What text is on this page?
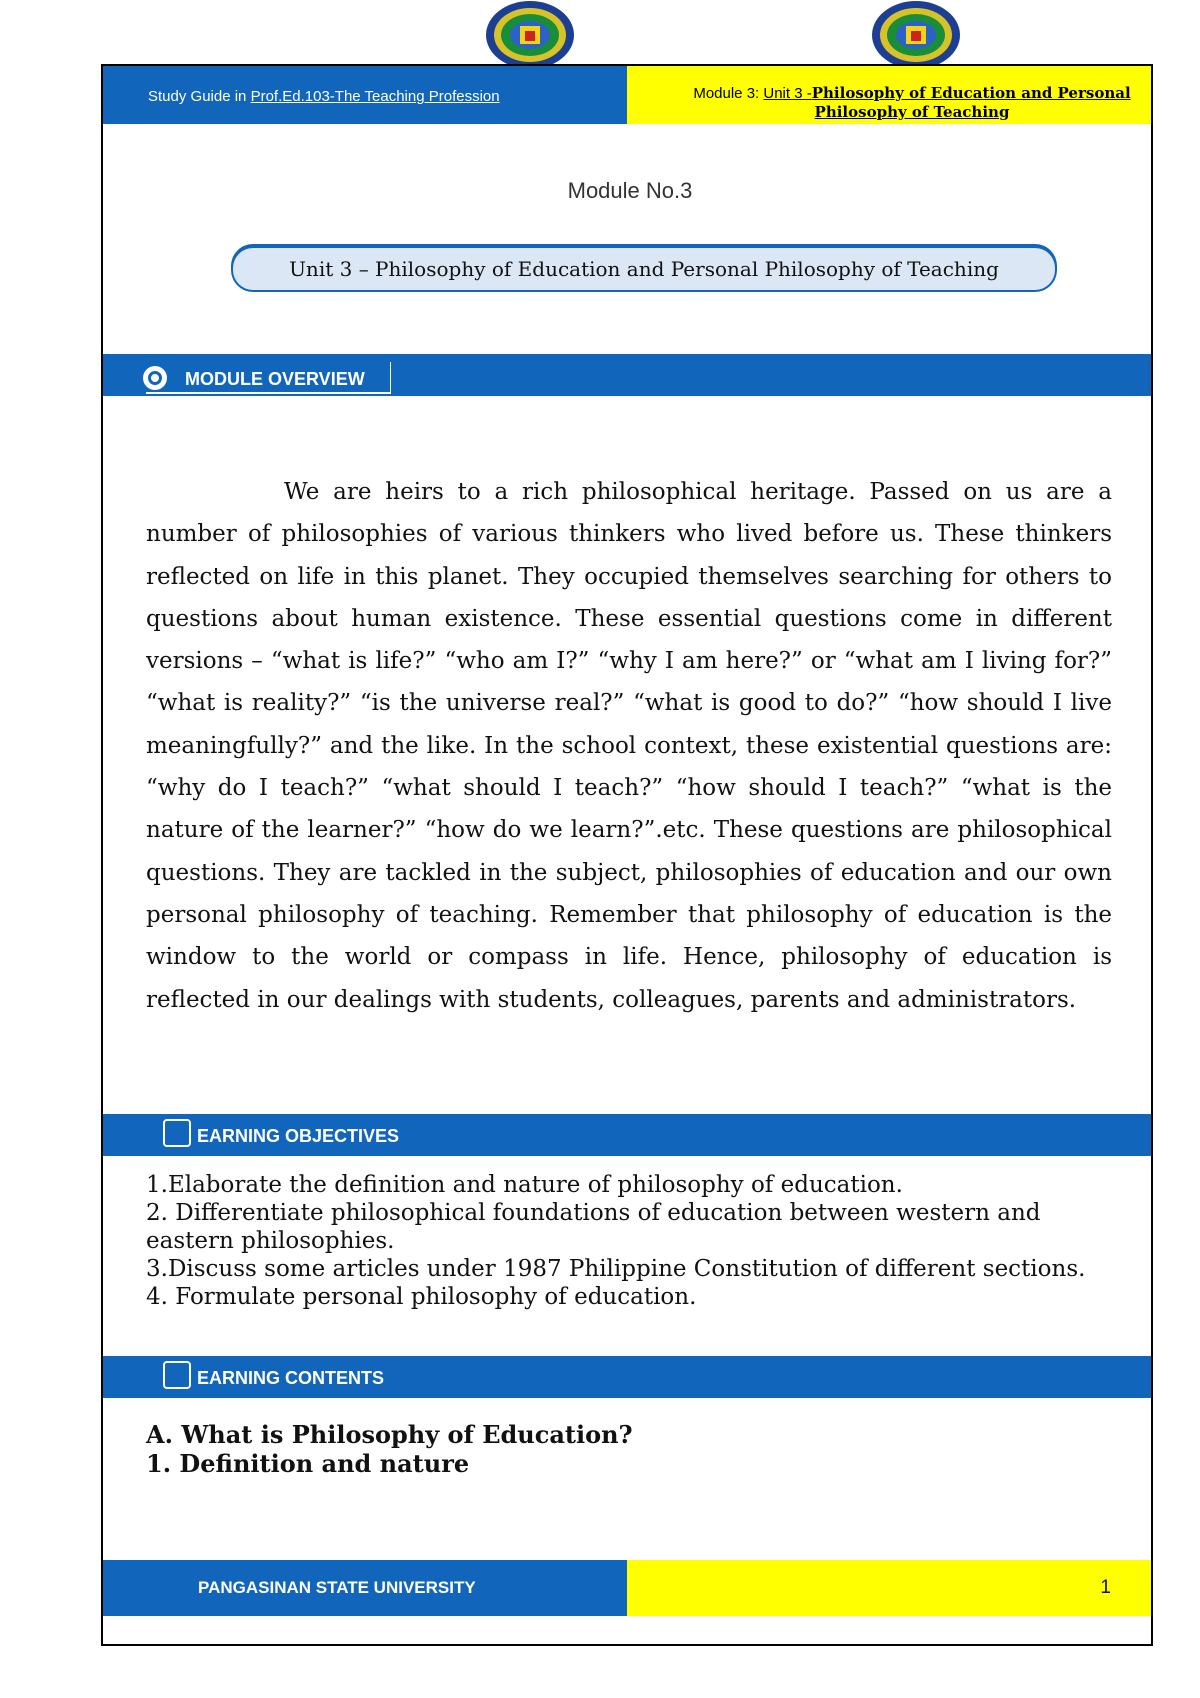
Study Guide in Prof.Ed.103-The Teaching Profession	Module 3: Unit 3 -Philosophy of Education and Personal Philosophy of Teaching
Module No.3
Unit 3 – Philosophy of Education and Personal Philosophy of Teaching
MODULE OVERVIEW

We are heirs to a rich philosophical heritage. Passed on us are a number of philosophies of various thinkers who lived before us. These thinkers reflected on life in this planet. They occupied themselves searching for others to questions about human existence. These essential questions come in different versions – “what is life?” “who am I?” “why I am here?” or “what am I living for?” “what is reality?” “is the universe real?” “what is good to do?” “how should I live meaningfully?” and the like. In the school context, these existential questions are: “why do I teach?” “what should I teach?” “how should I teach?” “what is the nature of the learner?” “how do we learn?”.etc. These questions are philosophical questions. They are tackled in the subject, philosophies of education and our own personal philosophy of teaching. Remember that philosophy of education is the window to the world or compass in life. Hence, philosophy of education is reflected in our dealings with students, colleagues, parents and administrators.

EARNING OBJECTIVES
1.Elaborate the definition and nature of philosophy of education.
2. Differentiate philosophical foundations of education between western and eastern philosophies.
3.Discuss some articles under 1987 Philippine Constitution of different sections.
4. Formulate personal philosophy of education.
EARNING CONTENTS
A. What is Philosophy of Education?
1. Definition and nature
PANGASINAN STATE UNIVERSITY	1
